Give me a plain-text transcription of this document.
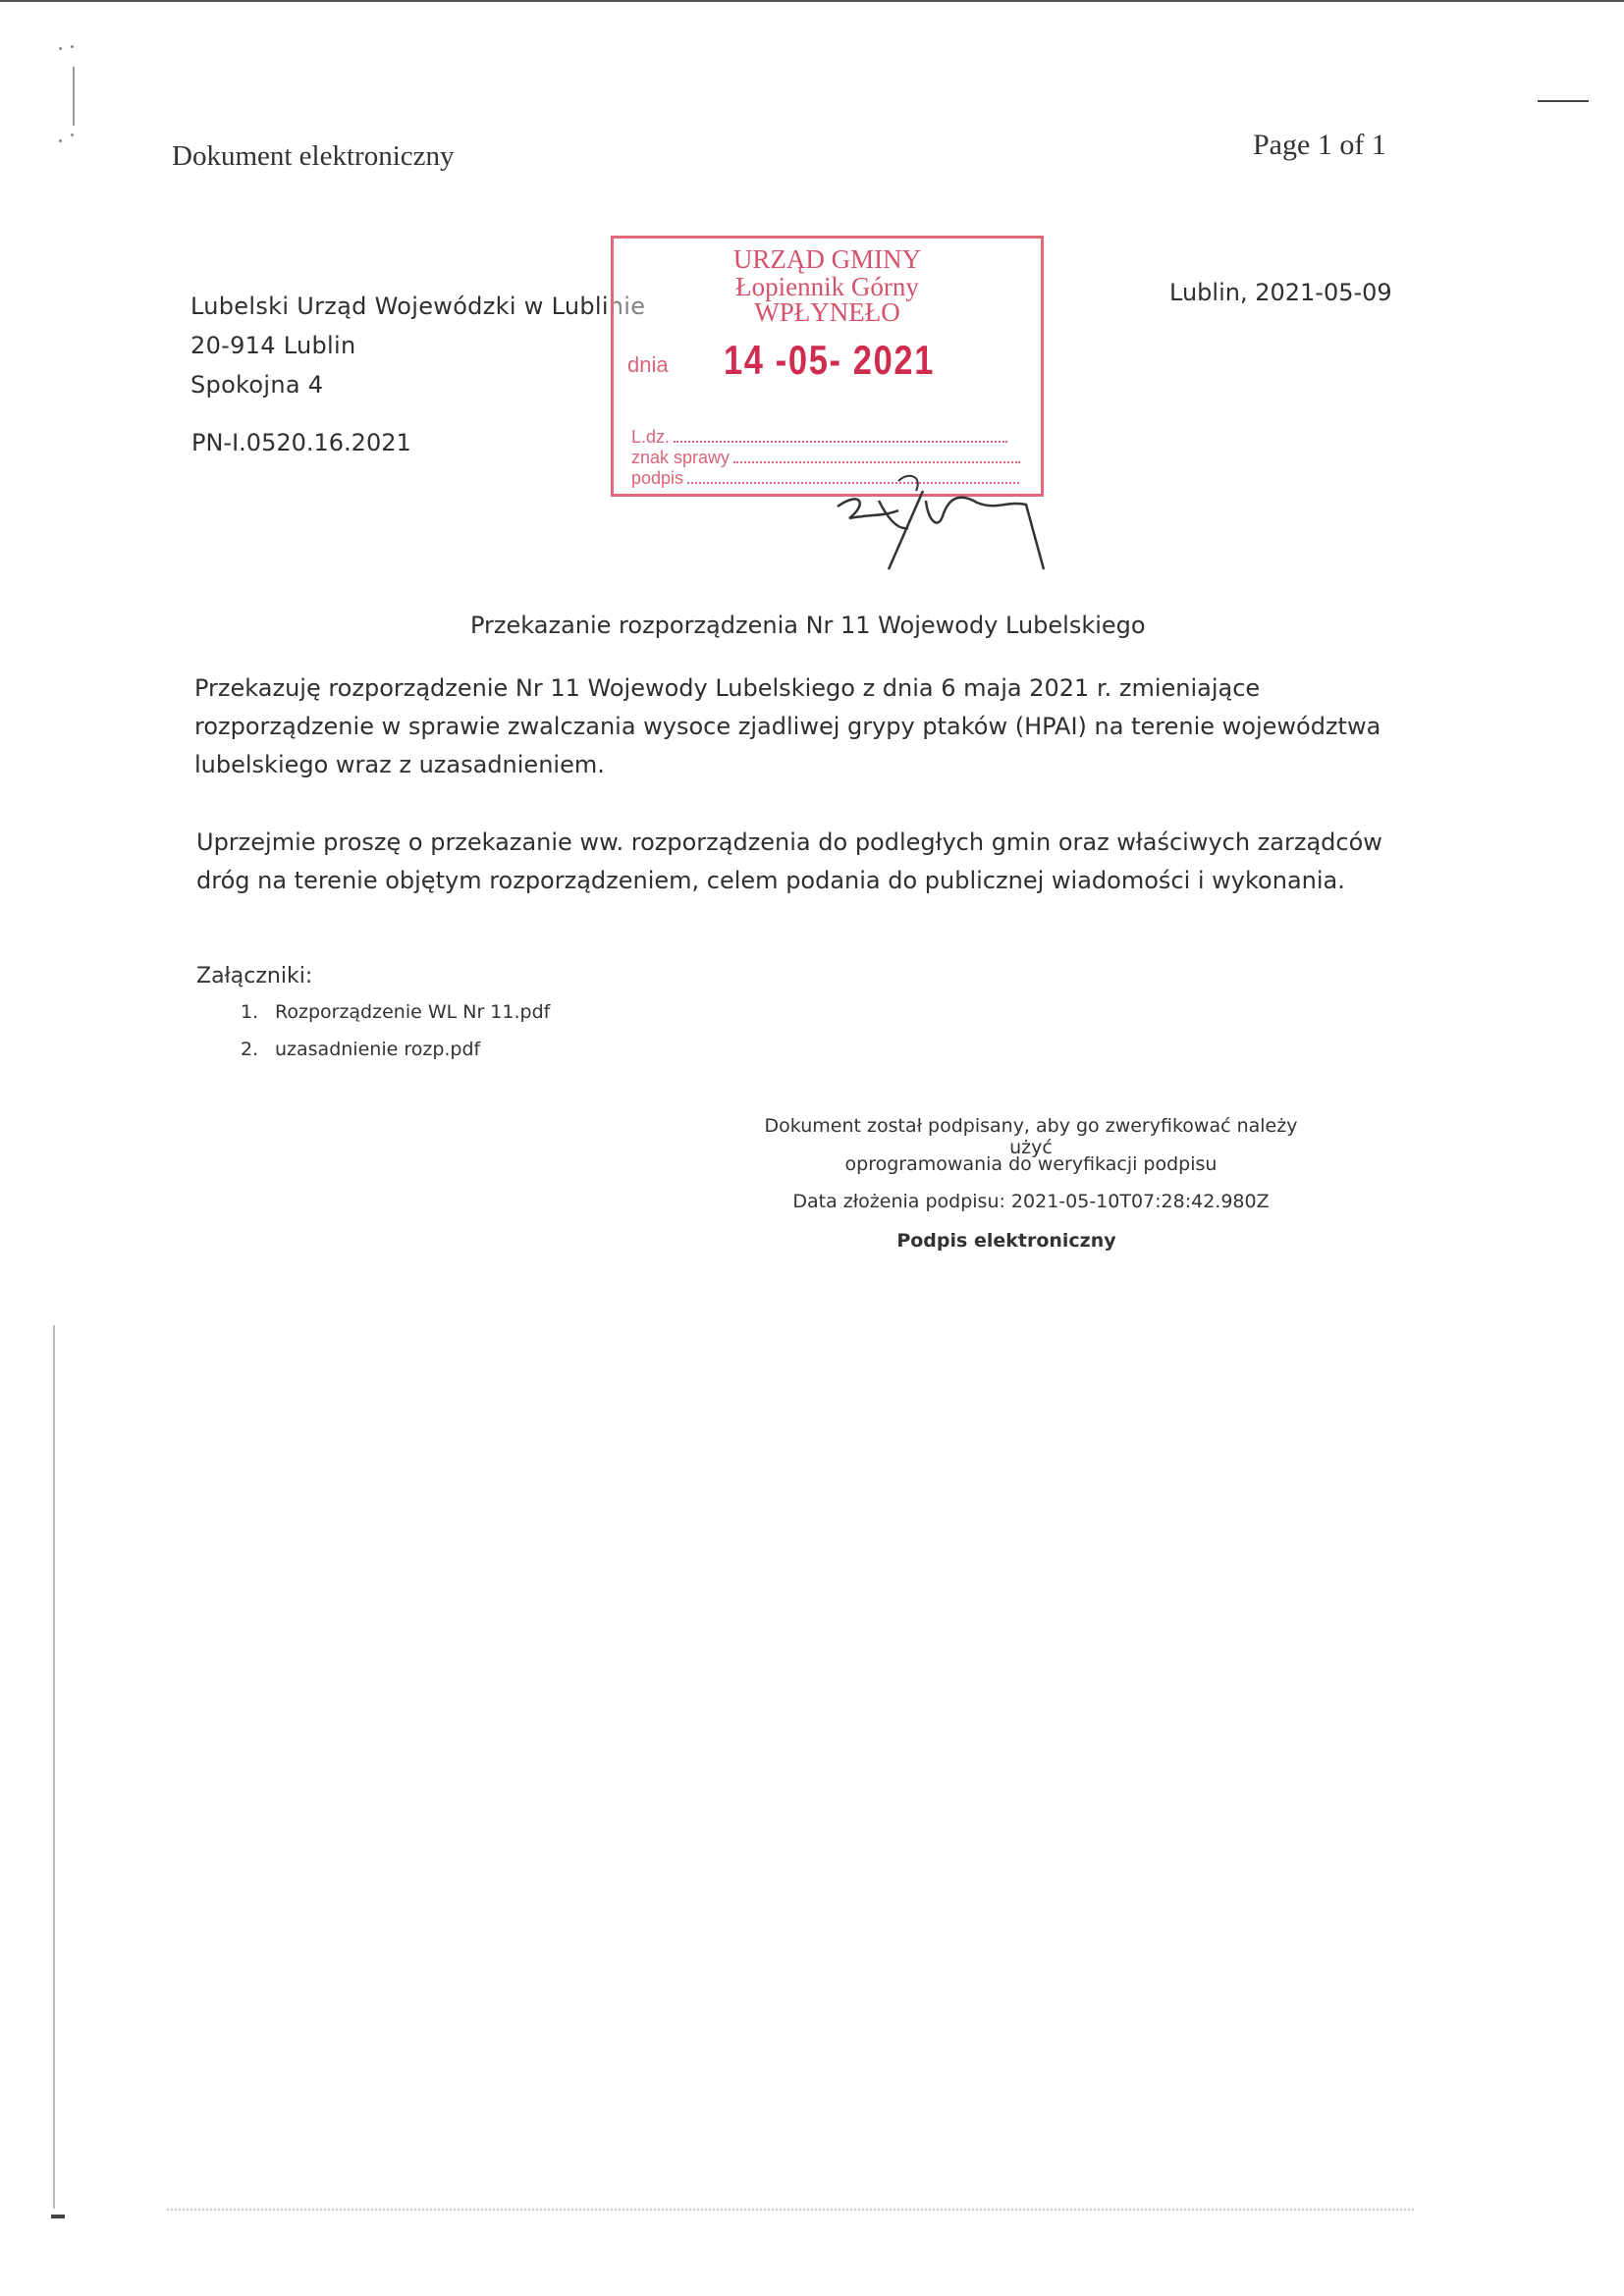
Dokument elektroniczny	Page 1 of 1
Lubelski Urząd Wojewódzki w Lublinie
20-914 Lublin
Spokojna 4
PN-I.0520.16.2021
Lublin, 2021-05-09
URZĄD GMINY
Łopiennik Górny
WPŁYNEŁO
dnia 14 -05- 2021
L.dz.
znak sprawy
podpis
Przekazanie rozporządzenia Nr 11 Wojewody Lubelskiego
Przekazuję rozporządzenie Nr 11 Wojewody Lubelskiego z dnia 6 maja 2021 r. zmieniające
rozporządzenie w sprawie zwalczania wysoce zjadliwej grypy ptaków (HPAI) na terenie województwa
lubelskiego wraz z uzasadnieniem.
Uprzejmie proszę o przekazanie ww. rozporządzenia do podległych gmin oraz właściwych zarządców
dróg na terenie objętym rozporządzeniem, celem podania do publicznej wiadomości i wykonania.
Załączniki:
1. Rozporządzenie WL Nr 11.pdf
2. uzasadnienie rozp.pdf
Dokument został podpisany, aby go zweryfikować należy użyć
oprogramowania do weryfikacji podpisu
Data złożenia podpisu: 2021-05-10T07:28:42.980Z
Podpis elektroniczny
